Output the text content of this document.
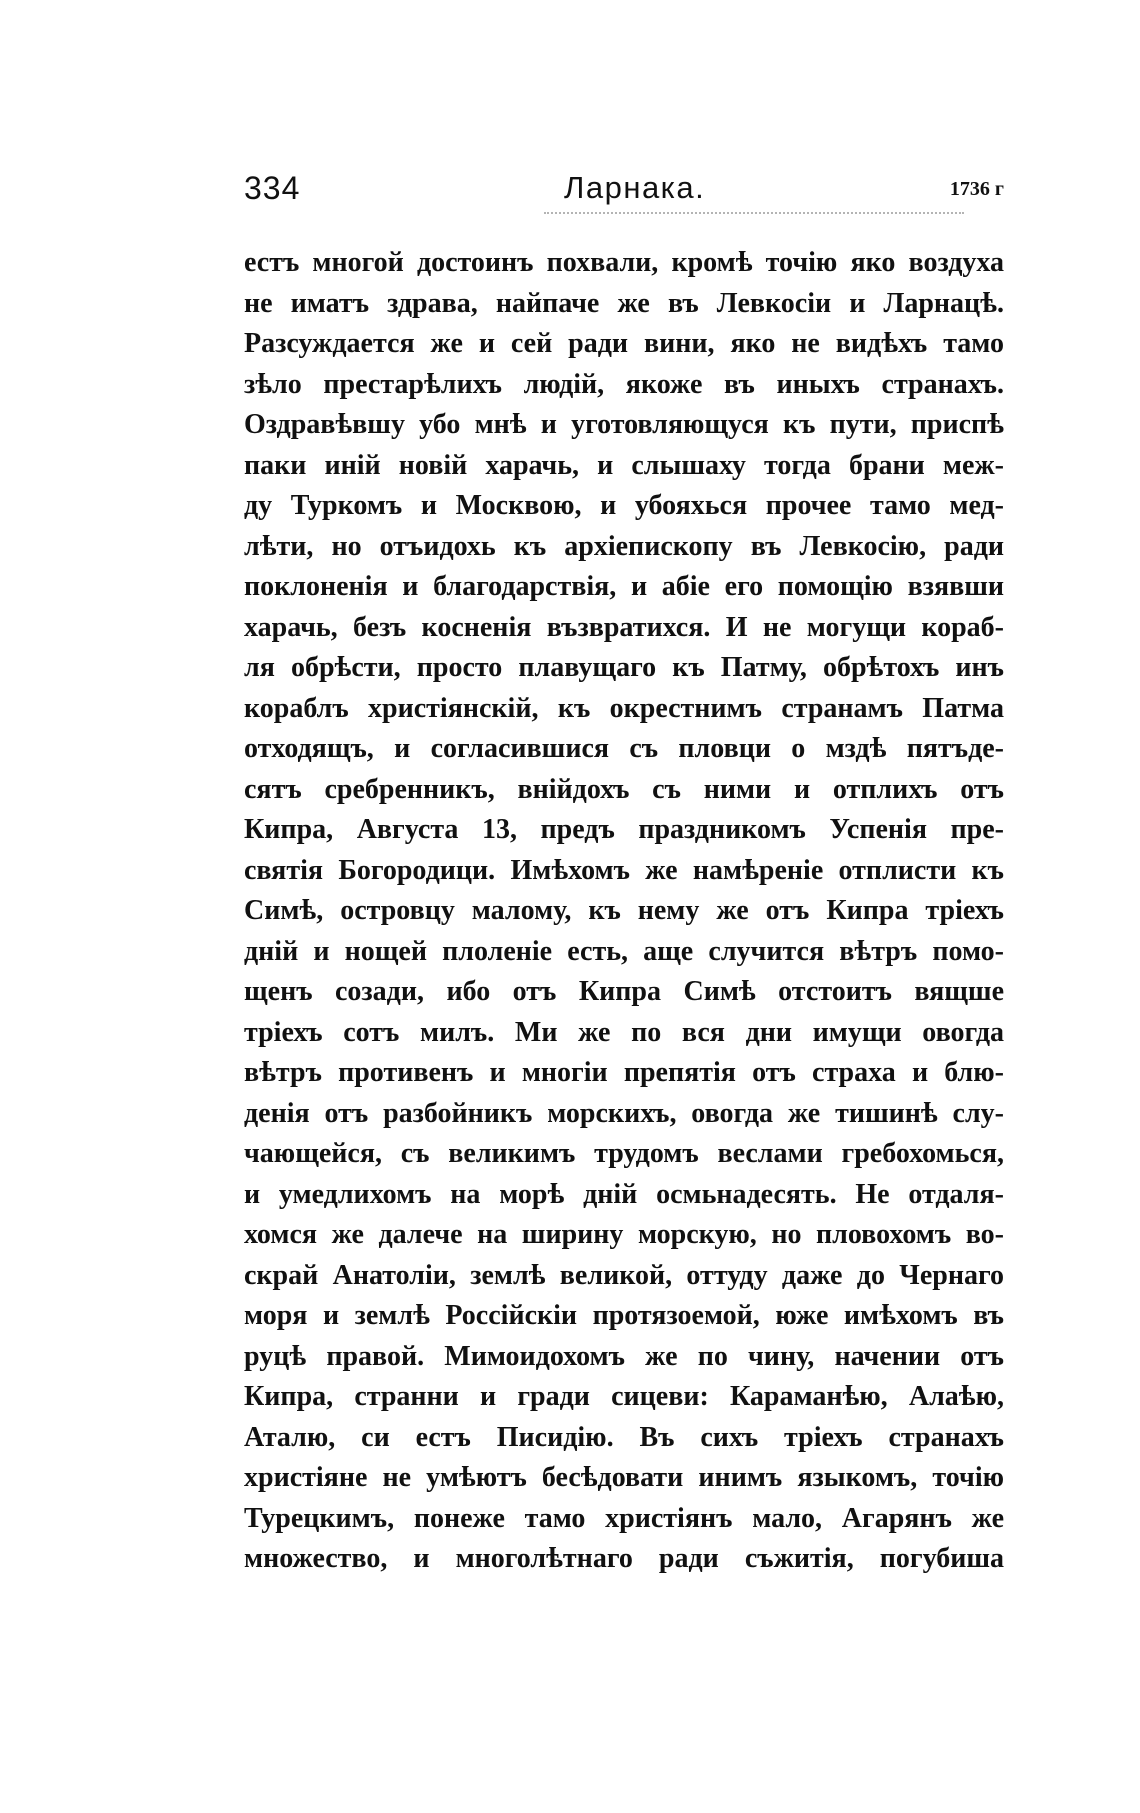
334	Ларнака.	1736 г
естъ многой достоинъ похвали, кромѣ точію яко воздуха
не иматъ здрава, найпаче же въ Левкосіи и Ларнацѣ.
Разсуждается же и сей ради вини, яко не видѣхъ тамо
зѣло престарѣлихъ людій, якоже въ иныхъ странахъ.
Оздравѣвшу убо мнѣ и уготовляющуся къ пути, приспѣ
паки иній новій харачь, и слышаху тогда брани меж-
ду Туркомъ и Москвою, и убояхься прочее тамо мед-
лѣти, но отъидохь къ архіепископу въ Левкосію, ради
поклоненія и благодарствія, и абіе его помощію взявши
харачь, безъ косненія възвратихся. И не могущи кораб-
ля обрѣсти, просто плавущаго къ Патму, обрѣтохъ инъ
кораблъ христіянскій, къ окрестнимъ странамъ Патма
отходящъ, и согласившися съ пловци о мздѣ пятъде-
сятъ сребренникъ, внійдохъ съ ними и отплихъ отъ
Кипра, Августа 13, предъ праздникомъ Успенія пре-
святія Богородици. Имѣхомъ же намѣреніе отплисти къ
Симѣ, островцу малому, къ нему же отъ Кипра тріехъ
дній и нощей плоленіе есть, аще случится вѣтръ помо-
щенъ созади, ибо отъ Кипра Симѣ отстоитъ вящше
тріехъ сотъ милъ. Ми же по вся дни имущи овогда
вѣтръ противенъ и многіи препятія отъ страха и блю-
денія отъ разбойникъ морскихъ, овогда же тишинѣ слу-
чающейся, съ великимъ трудомъ веслами гребохомься,
и умедлихомъ на морѣ дній осмьнадесять. Не отдаля-
хомся же далече на ширину морскую, но пловохомъ во-
скрай Анатоліи, землѣ великой, оттуду даже до Чернаго
моря и землѣ Россійскіи протязоемой, юже имѣхомъ въ
руцѣ правой. Мимоидохомъ же по чину, начении отъ
Кипра, странни и гради сицеви: Караманѣю, Алаѣю,
Аталю, си естъ Писидію. Въ сихъ тріехъ странахъ
христіяне не умѣютъ бесѣдовати инимъ языкомъ, точію
Турецкимъ, понеже тамо христіянъ мало, Агарянъ же
множество, и многолѣтнаго ради съжитія, погубиша
